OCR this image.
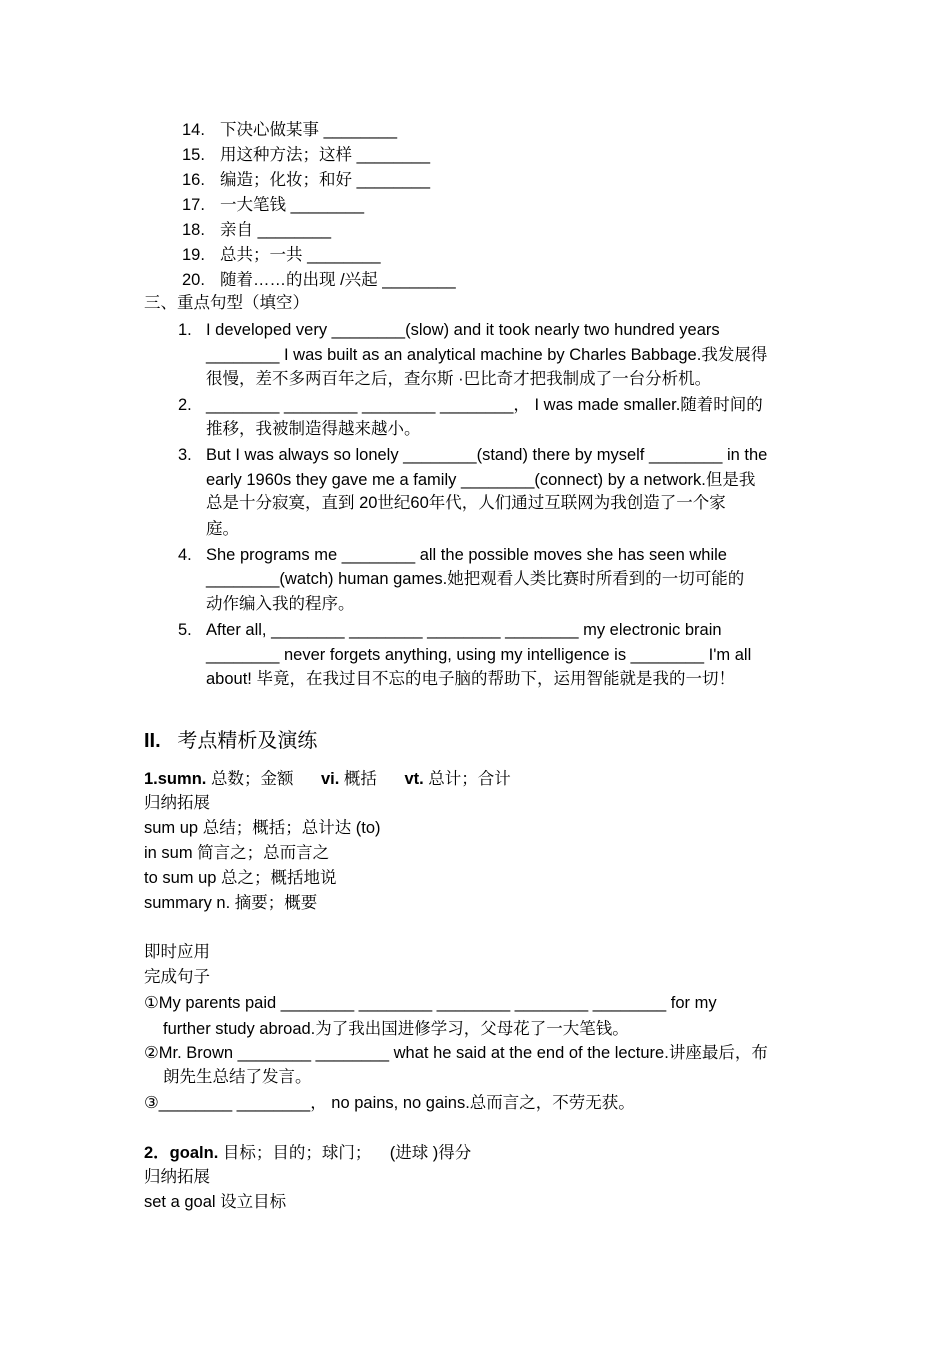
14. 下决心做某事 ________
15. 用这种方法；这样 ________
16. 编造；化妆；和好 ________
17. 一大笔钱 ________
18. 亲自 ________
19. 总共；一共 ________
20. 随着……的出现 /兴起 ________
三、重点句型（填空）
1. I developed very ________(slow) and it took nearly two hundred years
________ I was built as an analytical machine by Charles Babbage.我发展得
很慢，差不多两百年之后，查尔斯 ·巴比奇才把我制成了一台分析机。
2. ________ ________ ________ ________， I was made smaller.随着时间的
推移，我被制造得越来越小。
3. But I was always so lonely ________(stand) there by myself ________ in the
early 1960s they gave me a family ________(connect) by a network.但是我
总是十分寂寞，直到 20世纪60年代，人们通过互联网为我创造了一个家
庭。
4. She programs me ________ all the possible moves she has seen while
________(watch) human games.她把观看人类比赛时所看到的一切可能的
动作编入我的程序。
5. After all, ________ ________ ________ ________ my electronic brain
________ never forgets anything, using my intelligence is ________ I'm all
about! 毕竟，在我过目不忘的电子脑的帮助下，运用智能就是我的一切！
II. 考点精析及演练
1.sumn. 总数；金额 vi. 概括 vt. 总计；合计
归纳拓展
sum up 总结；概括；总计达 (to)
in sum 简言之；总而言之
to sum up 总之；概括地说
summary n. 摘要；概要
即时应用
完成句子
①My parents paid ________ ________ ________ ________ ________ for my
further study abroad.为了我出国进修学习，父母花了一大笔钱。
②Mr. Brown ________ ________ what he said at the end of the lecture.讲座最后，布
朗先生总结了发言。
③________ ________， no pains, no gains.总而言之，不劳无获。
2．goaln. 目标；目的；球门； (进球 )得分
归纳拓展
set a goal 设立目标
